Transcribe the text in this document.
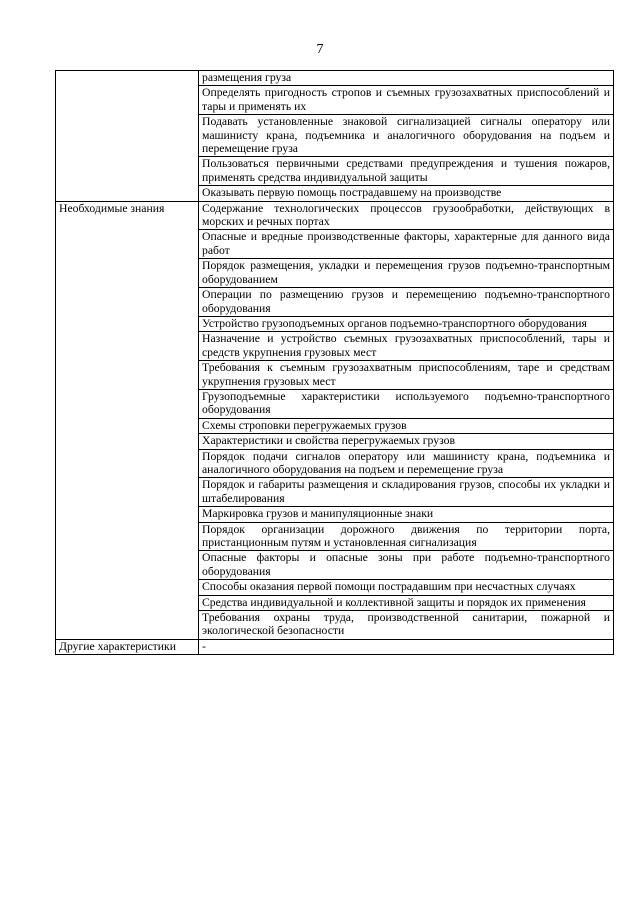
7
	размещения груза
	Определять пригодность стропов и съемных грузозахватных приспособлений и тары и применять их
	Подавать установленные знаковой сигнализацией сигналы оператору или машинисту крана, подъемника и аналогичного оборудования на подъем и перемещение груза
	Пользоваться первичными средствами предупреждения и тушения пожаров, применять средства индивидуальной защиты
	Оказывать первую помощь пострадавшему на производстве
Необходимые знания	Содержание технологических процессов грузообработки, действующих в морских и речных портах
	Опасные и вредные производственные факторы, характерные для данного вида работ
	Порядок размещения, укладки и перемещения грузов подъемно-транспортным оборудованием
	Операции по размещению грузов и перемещению подъемно-транспортного оборудования
	Устройство грузоподъемных органов подъемно-транспортного оборудования
	Назначение и устройство съемных грузозахватных приспособлений, тары и средств укрупнения грузовых мест
	Требования к съемным грузозахватным приспособлениям, таре и средствам укрупнения грузовых мест
	Грузоподъемные характеристики используемого подъемно-транспортного оборудования
	Схемы строповки перегружаемых грузов
	Характеристики и свойства перегружаемых грузов
	Порядок подачи сигналов оператору или машинисту крана, подъемника и аналогичного оборудования на подъем и перемещение груза
	Порядок и габариты размещения и складирования грузов, способы их укладки и штабелирования
	Маркировка грузов и манипуляционные знаки
	Порядок организации дорожного движения по территории порта, пристанционным путям и установленная сигнализация
	Опасные факторы и опасные зоны при работе подъемно-транспортного оборудования
	Способы оказания первой помощи пострадавшим при несчастных случаях
	Средства индивидуальной и коллективной защиты и порядок их применения
	Требования охраны труда, производственной санитарии, пожарной и экологической безопасности
Другие характеристики	-
